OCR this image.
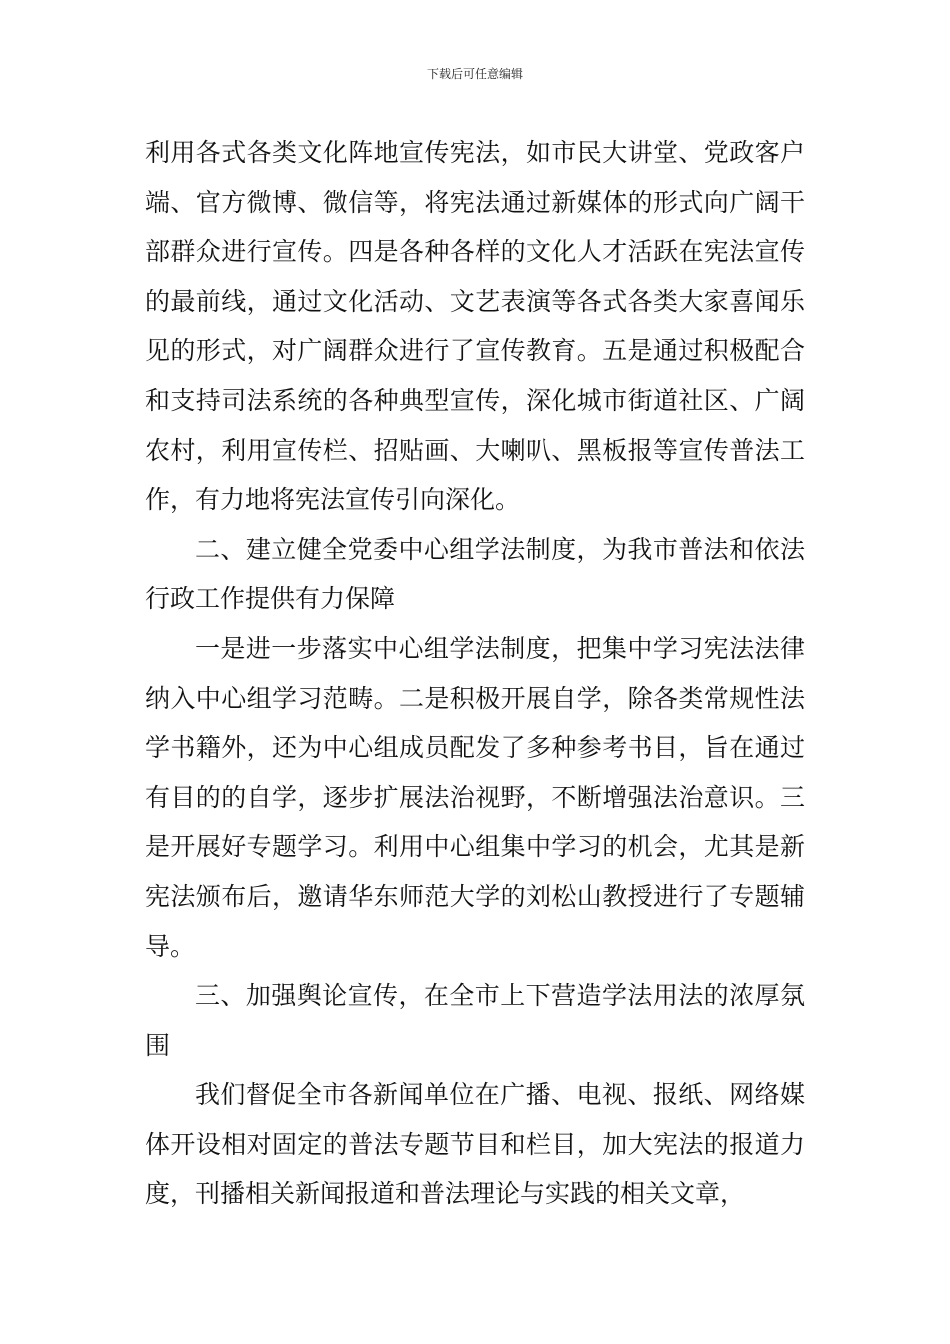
下载后可任意编辑

利用各式各类文化阵地宣传宪法，如市民大讲堂、党政客户端、官方微博、微信等，将宪法通过新媒体的形式向广阔干部群众进行宣传。四是各种各样的文化人才活跃在宪法宣传的最前线，通过文化活动、文艺表演等各式各类大家喜闻乐见的形式，对广阔群众进行了宣传教育。五是通过积极配合和支持司法系统的各种典型宣传，深化城市街道社区、广阔农村，利用宣传栏、招贴画、大喇叭、黑板报等宣传普法工作，有力地将宪法宣传引向深化。

二、建立健全党委中心组学法制度，为我市普法和依法行政工作提供有力保障

一是进一步落实中心组学法制度，把集中学习宪法法律纳入中心组学习范畴。二是积极开展自学，除各类常规性法学书籍外，还为中心组成员配发了多种参考书目，旨在通过有目的的自学，逐步扩展法治视野，不断增强法治意识。三是开展好专题学习。利用中心组集中学习的机会，尤其是新宪法颁布后，邀请华东师范大学的刘松山教授进行了专题辅导。

三、加强舆论宣传，在全市上下营造学法用法的浓厚氛围

我们督促全市各新闻单位在广播、电视、报纸、网络媒体开设相对固定的普法专题节目和栏目，加大宪法的报道力度，刊播相关新闻报道和普法理论与实践的相关文章，
